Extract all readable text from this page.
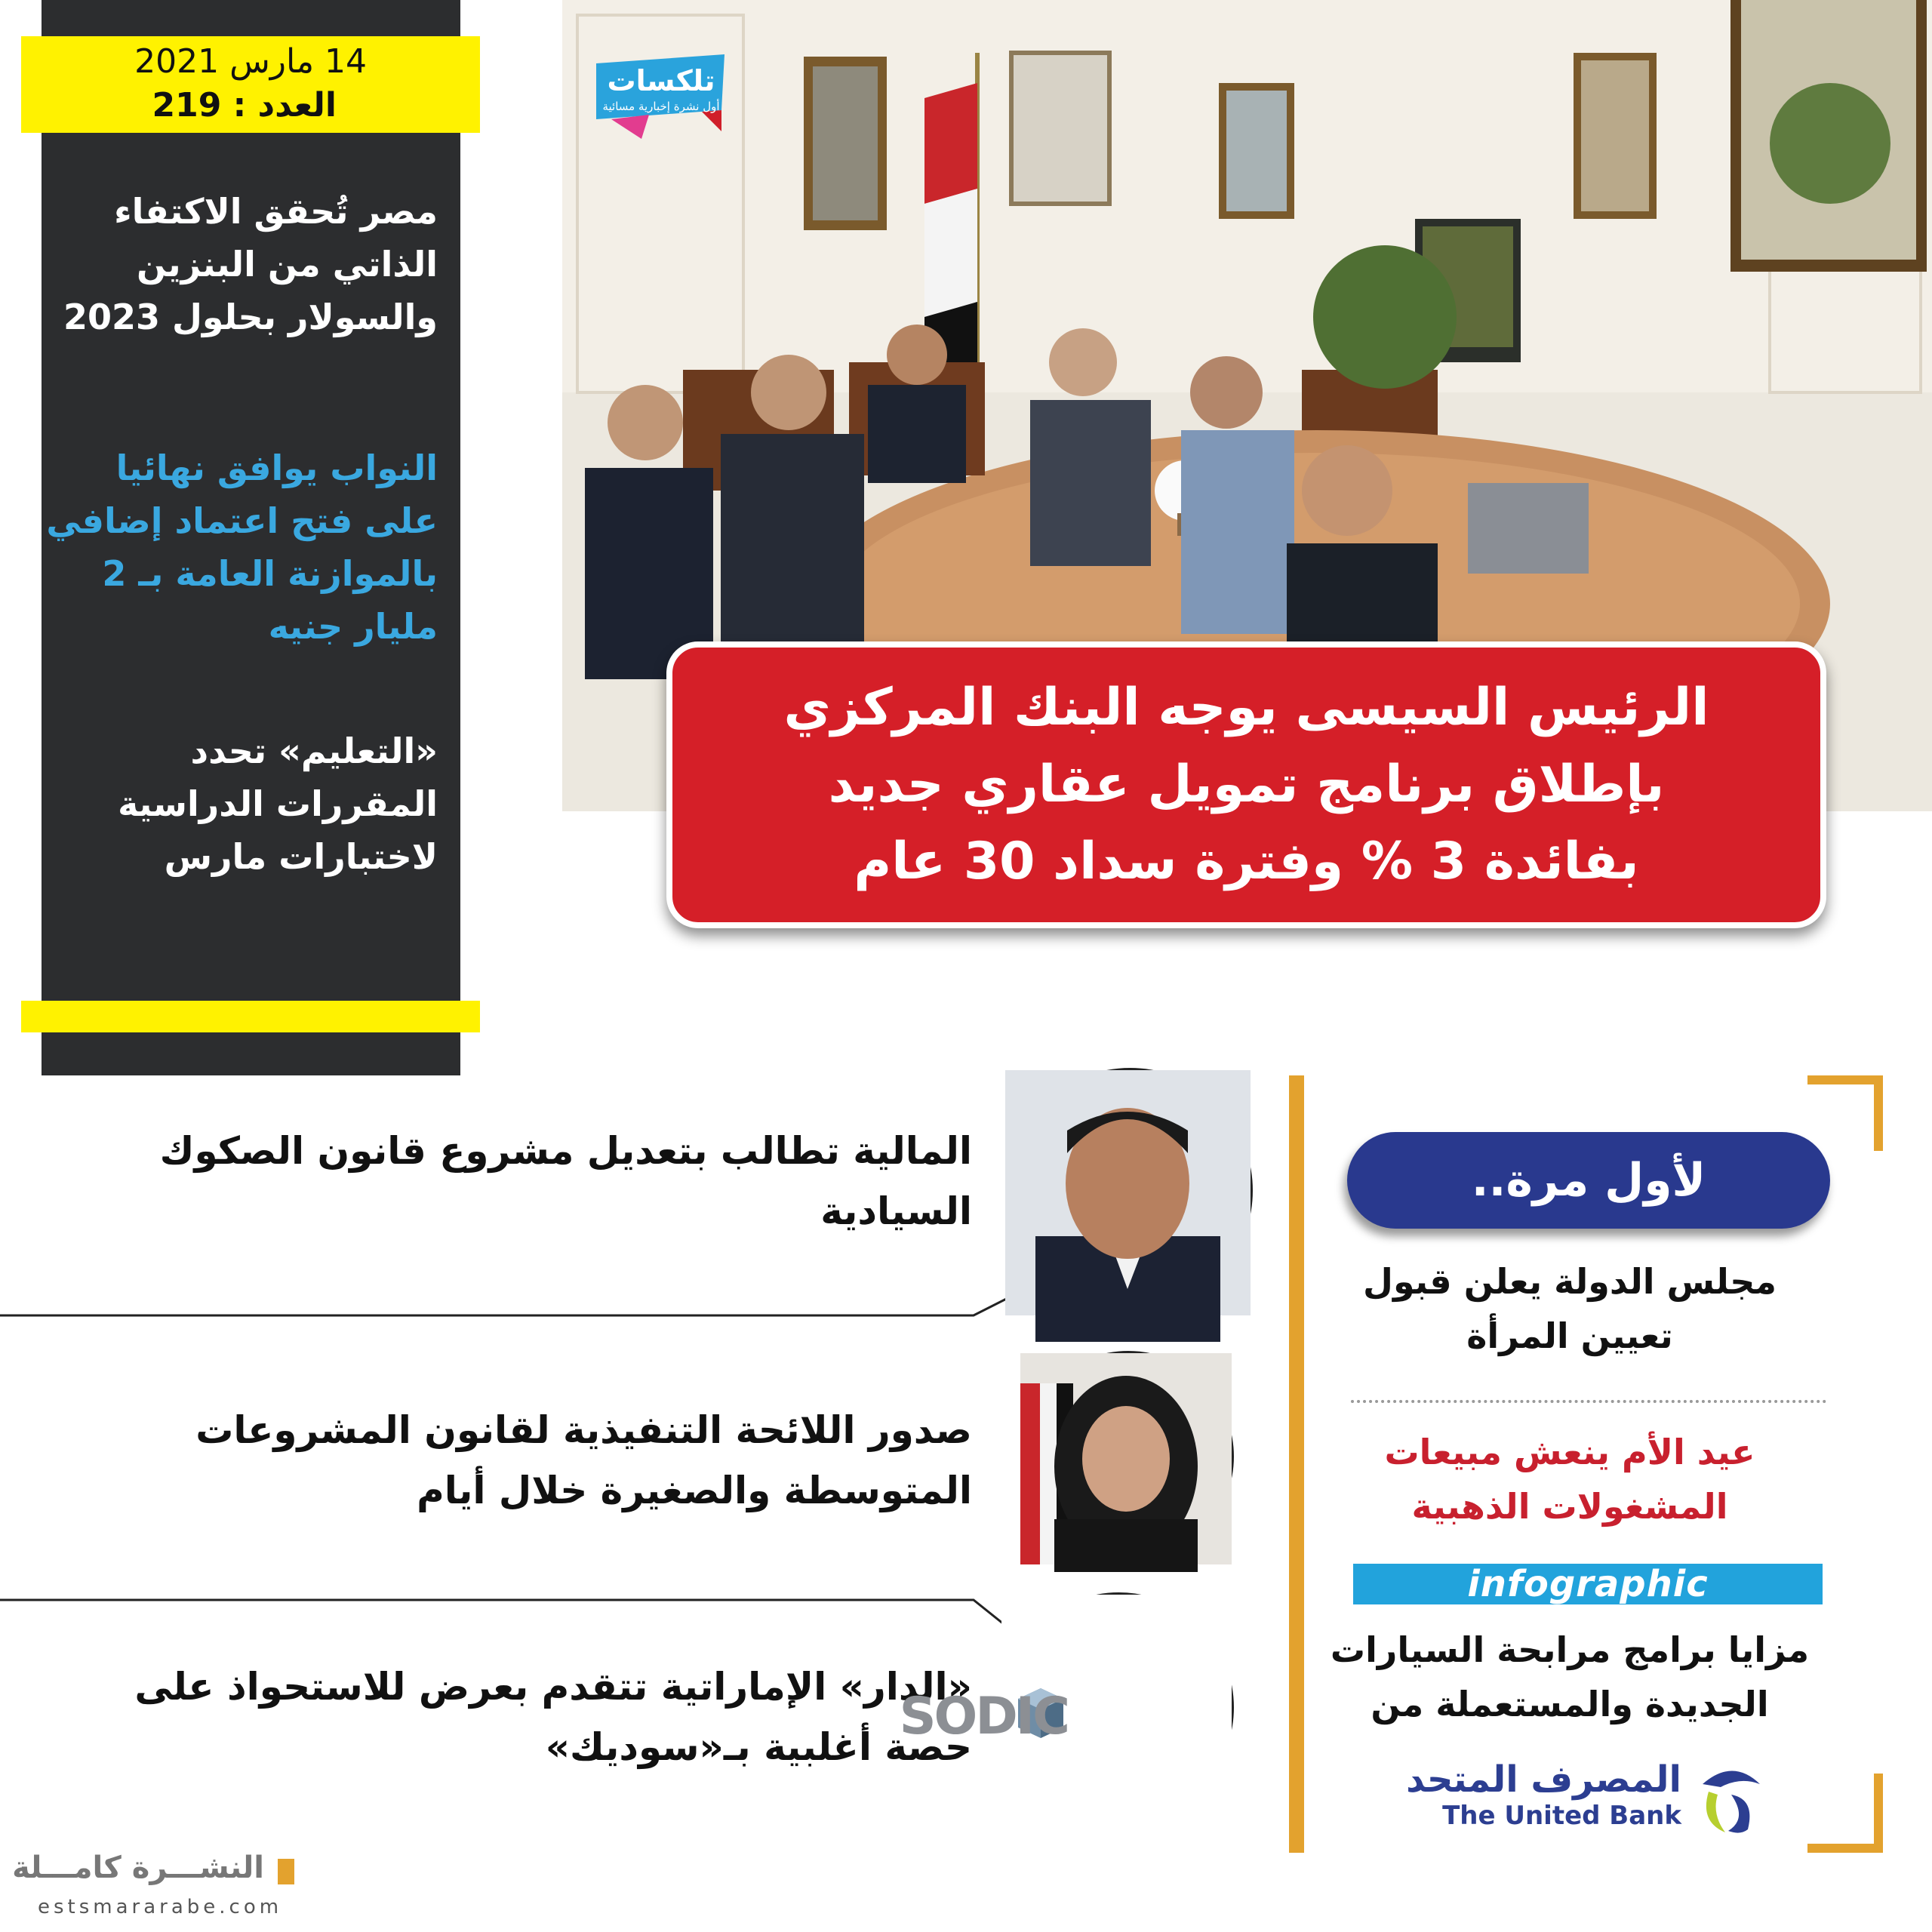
14 مارس 2021
العدد : 219
مصر تُحقق الاكتفاء الذاتي من البنزين والسولار بحلول 2023
النواب يوافق نهائيا على فتح اعتماد إضافي بالموازنة العامة بـ 2 مليار جنيه
«التعليم» تحدد المقررات الدراسية لاختبارات مارس
تلكسات
أول نشرة إخبارية مسائية
الرئيس السيسى يوجه البنك المركزي
بإطلاق برنامج تمويل عقاري جديد
بفائدة 3 % وفترة سداد 30 عام
المالية تطالب بتعديل مشروع قانون الصكوك السيادية
صدور اللائحة التنفيذية لقانون المشروعات المتوسطة والصغيرة خلال أيام
«الدار» الإماراتية تتقدم بعرض للاستحواذ على حصة أغلبية بـ«سوديك»
SODIC
لأول مرة..
مجلس الدولة يعلن قبول تعيين المرأة
عيد الأم ينعش مبيعات المشغولات الذهبية
infographic
مزايا برامج مرابحة السيارات الجديدة والمستعملة من
المصرف المتحد
The United Bank
النشـــرة كامـــلة
estsmararabe.com
